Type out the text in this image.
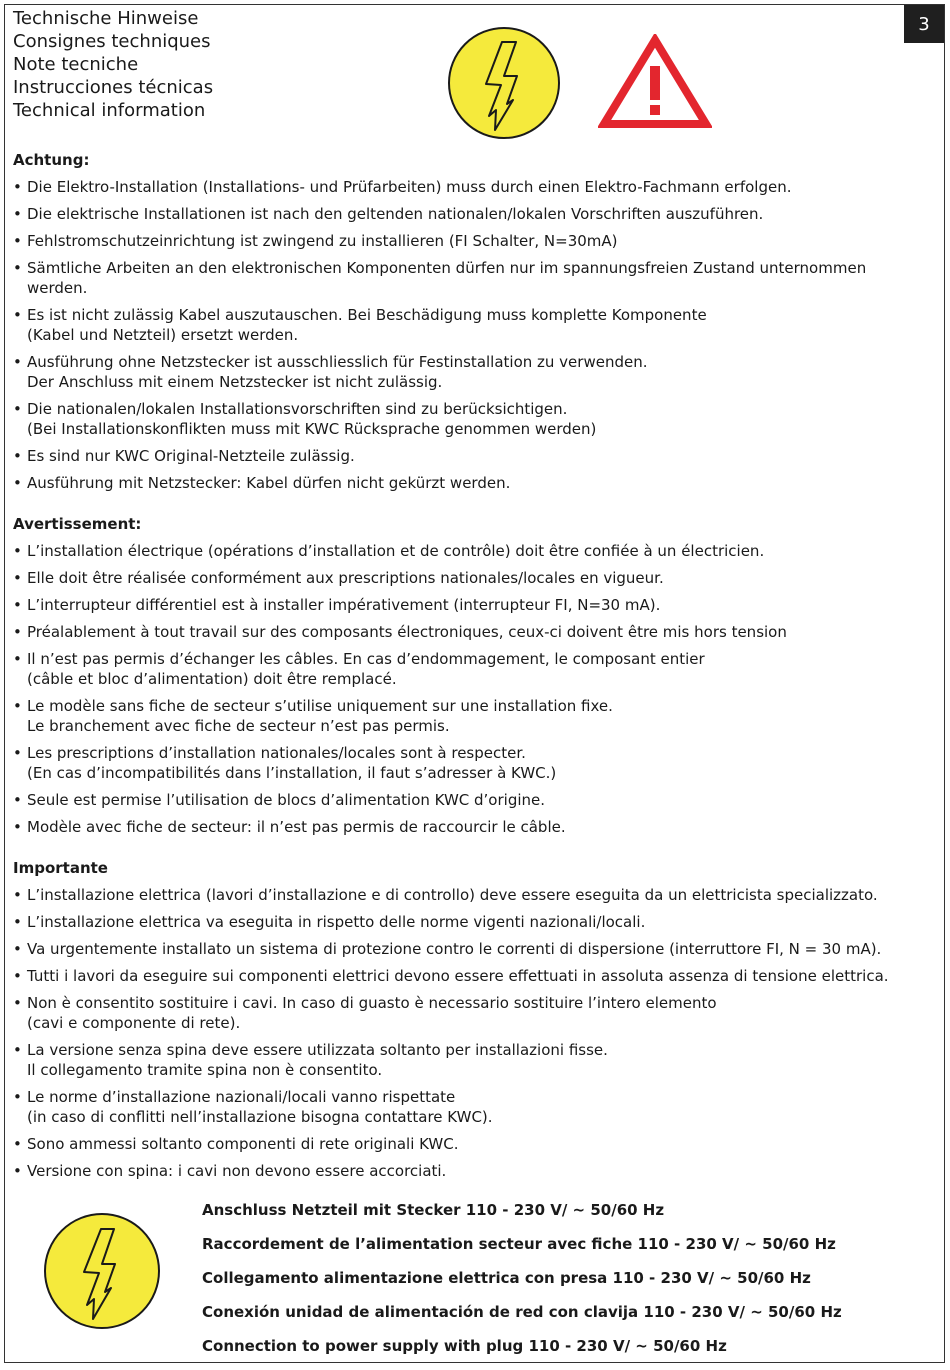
3
Technische Hinweise
Consignes techniques
Note tecniche
Instrucciones técnicas
Technical information
Achtung:
• Die Elektro-Installation (Installations- und Prüfarbeiten) muss durch einen Elektro-Fachmann erfolgen.
• Die elektrische Installationen ist nach den geltenden nationalen/lokalen Vorschriften auszuführen.
• Fehlstromschutzeinrichtung ist zwingend zu installieren (FI Schalter, N=30mA)
• Sämtliche Arbeiten an den elektronischen Komponenten dürfen nur im spannungsfreien Zustand unternommen werden.
• Es ist nicht zulässig Kabel auszutauschen. Bei Beschädigung muss komplette Komponente
(Kabel und Netzteil) ersetzt werden.
• Ausführung ohne Netzstecker ist ausschliesslich für Festinstallation zu verwenden.
Der Anschluss mit einem Netzstecker ist nicht zulässig.
• Die nationalen/lokalen Installationsvorschriften sind zu berücksichtigen.
(Bei Installationskonflikten muss mit KWC Rücksprache genommen werden)
• Es sind nur KWC Original-Netzteile zulässig.
• Ausführung mit Netzstecker: Kabel dürfen nicht gekürzt werden.
Avertissement:
• L’installation électrique (opérations d’installation et de contrôle) doit être confiée à un électricien.
• Elle doit être réalisée conformément aux prescriptions nationales/locales en vigueur.
• L’interrupteur différentiel est à installer impérativement (interrupteur FI, N=30 mA).
• Préalablement à tout travail sur des composants électroniques, ceux-ci doivent être mis hors tension
• Il n’est pas permis d’échanger les câbles. En cas d’endommagement, le composant entier
(câble et bloc d’alimentation) doit être remplacé.
• Le modèle sans fiche de secteur s’utilise uniquement sur une installation fixe.
Le branchement avec fiche de secteur n’est pas permis.
• Les prescriptions d’installation nationales/locales sont à respecter.
(En cas d’incompatibilités dans l’installation, il faut s’adresser à KWC.)
• Seule est permise l’utilisation de blocs d’alimentation KWC d’origine.
• Modèle avec fiche de secteur: il n’est pas permis de raccourcir le câble.
Importante
• L’installazione elettrica (lavori d’installazione e di controllo) deve essere eseguita da un elettricista specializzato.
• L’installazione elettrica va eseguita in rispetto delle norme vigenti nazionali/locali.
• Va urgentemente installato un sistema di protezione contro le correnti di dispersione (interruttore FI, N = 30 mA).
• Tutti i lavori da eseguire sui componenti elettrici devono essere effettuati in assoluta assenza di tensione elettrica.
• Non è consentito sostituire i cavi. In caso di guasto è necessario sostituire l’intero elemento
(cavi e componente di rete).
• La versione senza spina deve essere utilizzata soltanto per installazioni fisse.
Il collegamento tramite spina non è consentito.
• Le norme d’installazione nazionali/locali vanno rispettate
(in caso di conflitti nell’installazione bisogna contattare KWC).
• Sono ammessi soltanto componenti di rete originali KWC.
• Versione con spina: i cavi non devono essere accorciati.
Anschluss Netzteil mit Stecker 110 - 230 V/ ~ 50/60 Hz
Raccordement de l’alimentation secteur avec fiche 110 - 230 V/ ~ 50/60 Hz
Collegamento alimentazione elettrica con presa 110 - 230 V/ ~ 50/60 Hz
Conexión unidad de alimentación de red con clavija 110 - 230 V/ ~ 50/60 Hz
Connection to power supply with plug 110 - 230 V/ ~ 50/60 Hz
